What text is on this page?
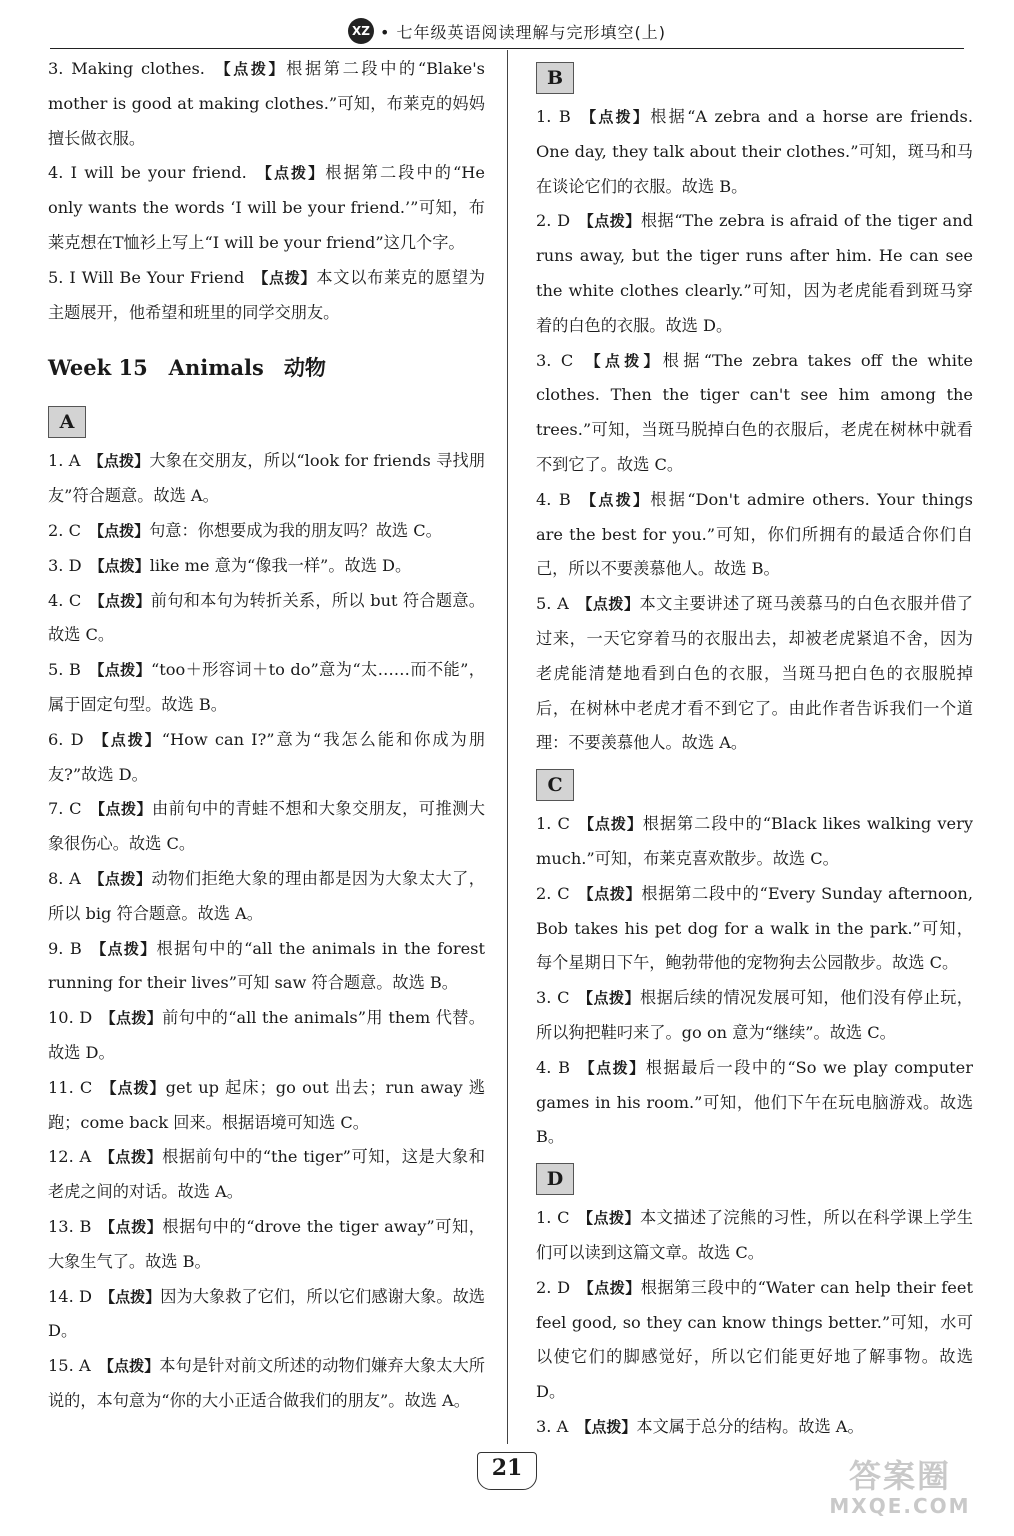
XZ • 七年级英语阅读理解与完形填空(上)

3. Making clothes.  【点拨】根据第二段中的“Blake's mother is good at making clothes.”可知，布莱克的妈妈擅长做衣服。

4. I will be your friend.  【点拨】根据第二段中的“He only wants the words ‘I will be your friend.’”可知，布莱克想在T恤衫上写上“I will be your friend”这几个字。

5. I Will Be Your Friend  【点拨】本文以布莱克的愿望为主题展开，他希望和班里的同学交朋友。

Week 15　Animals 动物
A

1. A  【点拨】大象在交朋友，所以“look for friends 寻找朋友”符合题意。故选 A。

2. C  【点拨】句意：你想要成为我的朋友吗？故选 C。

3. D  【点拨】like me 意为“像我一样”。故选 D。

4. C  【点拨】前句和本句为转折关系，所以 but 符合题意。故选 C。

5. B  【点拨】“too＋形容词＋to do”意为“太……而不能”，属于固定句型。故选 B。

6. D  【点拨】“How can I?”意为“我怎么能和你成为朋友?”故选 D。

7. C  【点拨】由前句中的青蛙不想和大象交朋友，可推测大象很伤心。故选 C。

8. A  【点拨】动物们拒绝大象的理由都是因为大象太大了，所以 big 符合题意。故选 A。

9. B  【点拨】根据句中的“all the animals in the forest running for their lives”可知 saw 符合题意。故选 B。

10. D  【点拨】前句中的“all the animals”用 them 代替。故选 D。

11. C  【点拨】get up 起床；go out 出去；run away 逃跑；come back 回来。根据语境可知选 C。

12. A  【点拨】根据前句中的“the tiger”可知，这是大象和老虎之间的对话。故选 A。

13. B  【点拨】根据句中的“drove the tiger away”可知，大象生气了。故选 B。

14. D  【点拨】因为大象救了它们，所以它们感谢大象。故选 D。

15. A  【点拨】本句是针对前文所述的动物们嫌弃大象太大所说的，本句意为“你的大小正适合做我们的朋友”。故选 A。

B

1. B  【点拨】根据“A zebra and a horse are friends. One day, they talk about their clothes.”可知，斑马和马在谈论它们的衣服。故选 B。

2. D  【点拨】根据“The zebra is afraid of the tiger and runs away, but the tiger runs after him. He can see the white clothes clearly.”可知，因为老虎能看到斑马穿着的白色的衣服。故选 D。

3. C  【点拨】根据“The zebra takes off the white clothes. Then the tiger can't see him among the trees.”可知，当斑马脱掉白色的衣服后，老虎在树林中就看不到它了。故选 C。

4. B  【点拨】根据“Don't admire others. Your things are the best for you.”可知，你们所拥有的最适合你们自己，所以不要羡慕他人。故选 B。

5. A  【点拨】本文主要讲述了斑马羡慕马的白色衣服并借了过来，一天它穿着马的衣服出去，却被老虎紧追不舍，因为老虎能清楚地看到白色的衣服，当斑马把白色的衣服脱掉后，在树林中老虎才看不到它了。由此作者告诉我们一个道理：不要羡慕他人。故选 A。

C

1. C  【点拨】根据第二段中的“Black likes walking very much.”可知，布莱克喜欢散步。故选 C。

2. C  【点拨】根据第二段中的“Every Sunday afternoon, Bob takes his pet dog for a walk in the park.”可知，每个星期日下午，鲍勃带他的宠物狗去公园散步。故选 C。

3. C  【点拨】根据后续的情况发展可知，他们没有停止玩，所以狗把鞋叼来了。go on 意为“继续”。故选 C。

4. B  【点拨】根据最后一段中的“So we play computer games in his room.”可知，他们下午在玩电脑游戏。故选 B。

D

1. C  【点拨】本文描述了浣熊的习性，所以在科学课上学生们可以读到这篇文章。故选 C。

2. D  【点拨】根据第三段中的“Water can help their feet feel good, so they can know things better.”可知，水可以使它们的脚感觉好，所以它们能更好地了解事物。故选 D。

3. A  【点拨】本文属于总分的结构。故选 A。

21	答案圈
MXQE.COM
